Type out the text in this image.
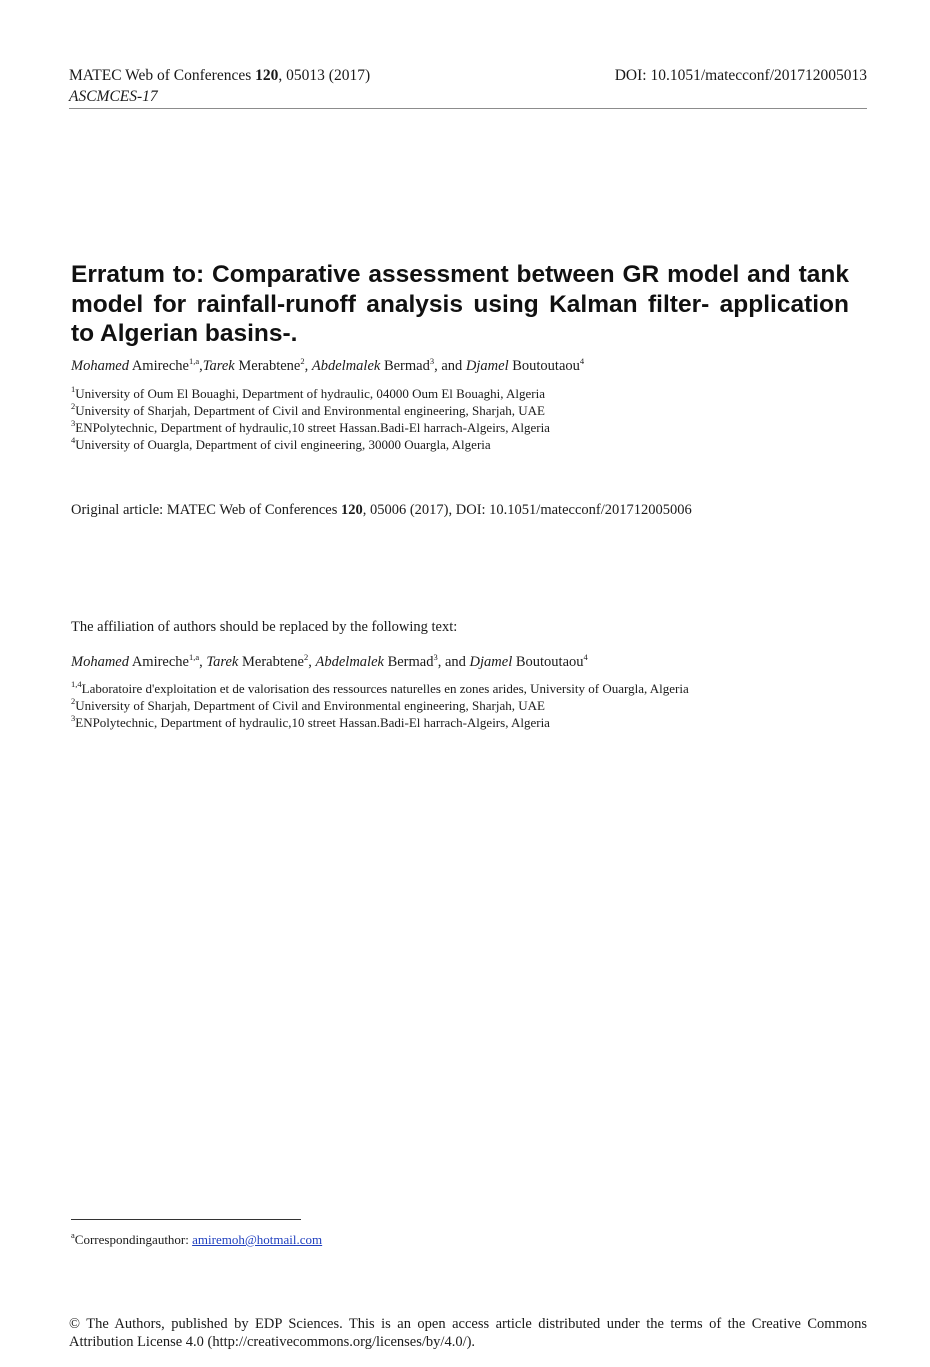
MATEC Web of Conferences 120, 05013 (2017)	DOI: 10.1051/matecconf/201712005013
ASCMCES-17
Erratum to: Comparative assessment between GR model and tank model for rainfall-runoff analysis using Kalman filter- application to Algerian basins-.
Mohamed Amireche$^{1,a}$,Tarek Merabtene$^2$, Abdelmalek Bermad$^3$, and Djamel Boutoutaou$^4$
$^1$University of Oum El Bouaghi, Department of hydraulic, 04000 Oum El Bouaghi, Algeria
$^2$University of Sharjah, Department of Civil and Environmental engineering, Sharjah, UAE
$^3$ENPolytechnic, Department of hydraulic,10 street Hassan.Badi-El harrach-Algeirs, Algeria
$^4$University of Ouargla, Department of civil engineering, 30000 Ouargla, Algeria
Original article: MATEC Web of Conferences 120, 05006 (2017), DOI: 10.1051/matecconf/201712005006
The affiliation of authors should be replaced by the following text:
Mohamed Amireche$^{1,a}$, Tarek Merabtene$^2$, Abdelmalek Bermad$^3$, and Djamel Boutoutaou$^4$
$^{1,4}$Laboratoire d'exploitation et de valorisation des ressources naturelles en zones arides, University of Ouargla, Algeria
$^2$University of Sharjah, Department of Civil and Environmental engineering, Sharjah, UAE
$^3$ENPolytechnic, Department of hydraulic,10 street Hassan.Badi-El harrach-Algeirs, Algeria
$^a$Correspondingauthor: amiremoh@hotmail.com
© The Authors, published by EDP Sciences. This is an open access article distributed under the terms of the Creative Commons Attribution License 4.0 (http://creativecommons.org/licenses/by/4.0/).
